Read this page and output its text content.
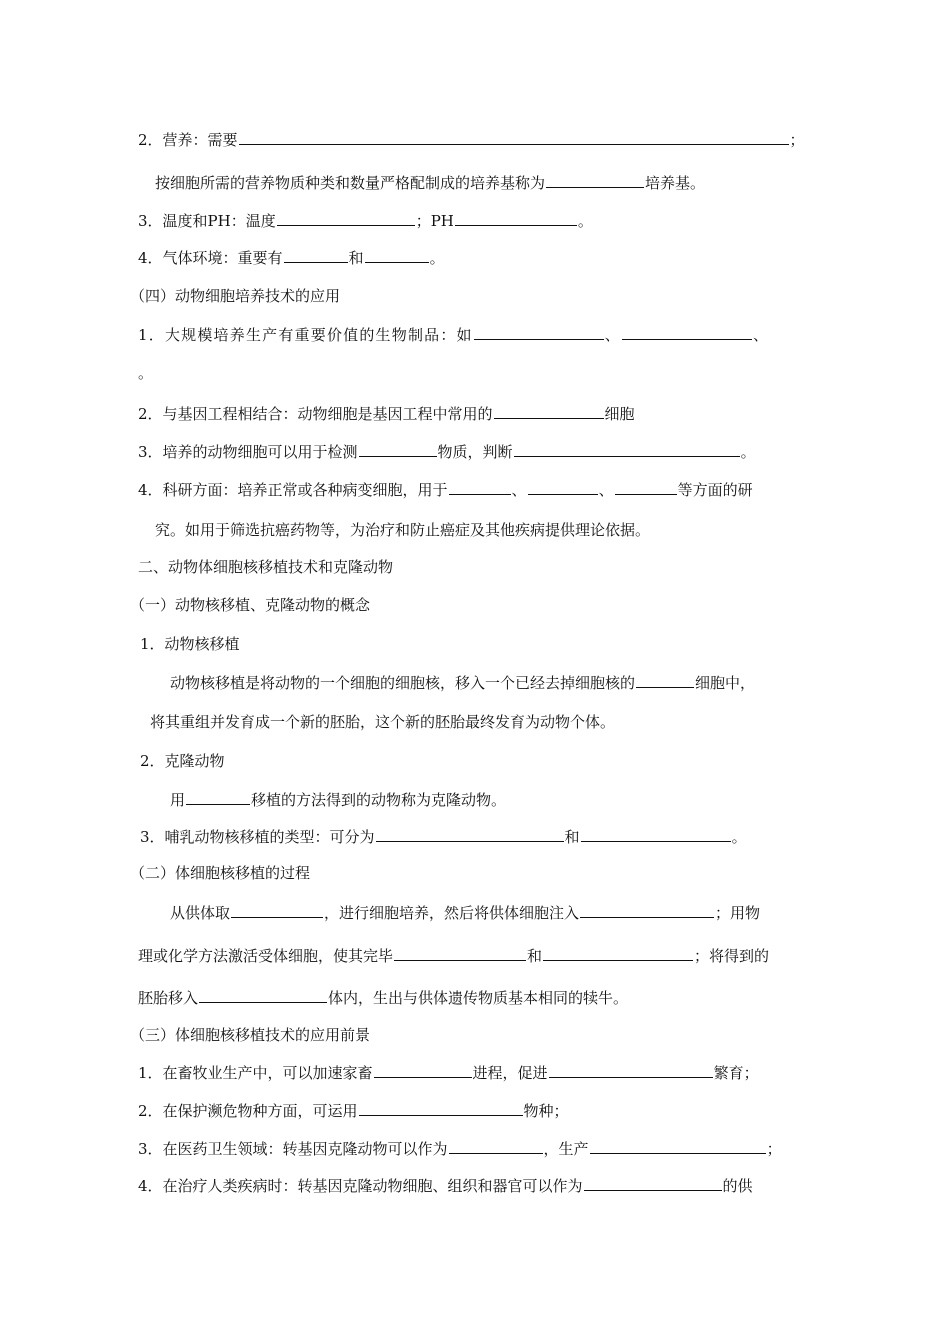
2．营养：需要	；
按细胞所需的营养物质种类和数量严格配制成的培养基称为	培养基。
3．温度和PH：温度	；PH	。
4．气体环境：重要有	和	。
（四）动物细胞培养技术的应用
1．大规模培养生产有重要价值的生物制品：如	、	、
。
2．与基因工程相结合：动物细胞是基因工程中常用的	细胞
3．培养的动物细胞可以用于检测	物质，判断	。
4．科研方面：培养正常或各种病变细胞，用于	、	、	等方面的研
究。如用于筛选抗癌药物等，为治疗和防止癌症及其他疾病提供理论依据。
二、动物体细胞核移植技术和克隆动物
（一）动物核移植、克隆动物的概念
1．动物核移植
动物核移植是将动物的一个细胞的细胞核，移入一个已经去掉细胞核的	细胞中，
将其重组并发育成一个新的胚胎，这个新的胚胎最终发育为动物个体。
2．克隆动物
用	移植的方法得到的动物称为克隆动物。
3．哺乳动物核移植的类型：可分为	和	。
（二）体细胞核移植的过程
从供体取	，进行细胞培养，然后将供体细胞注入	；用物
理或化学方法激活受体细胞，使其完毕	和	；将得到的
胚胎移入	体内，生出与供体遗传物质基本相同的犊牛。
（三）体细胞核移植技术的应用前景
1．在畜牧业生产中，可以加速家畜	进程，促进	繁育；
2．在保护濒危物种方面，可运用	物种；
3．在医药卫生领域：转基因克隆动物可以作为	，生产	；
4．在治疗人类疾病时：转基因克隆动物细胞、组织和器官可以作为	的供
